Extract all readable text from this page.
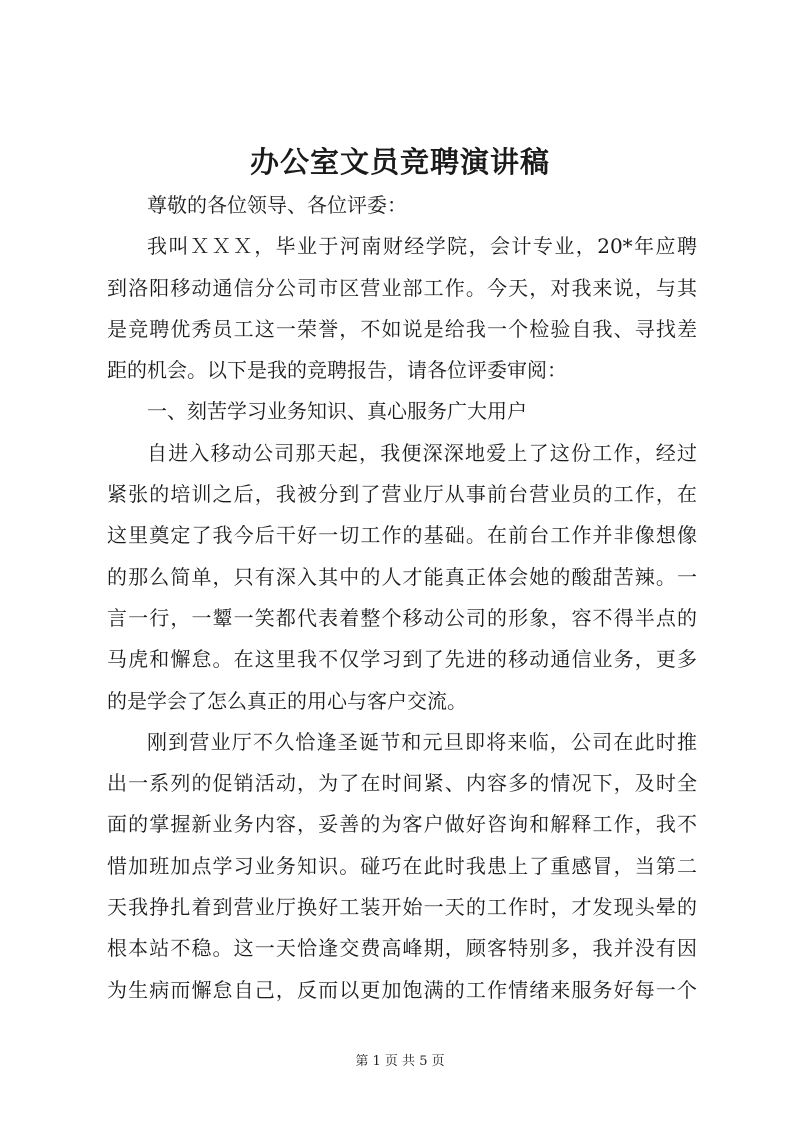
办公室文员竞聘演讲稿
尊敬的各位领导、各位评委：
我叫ＸＸＸ，毕业于河南财经学院，会计专业，20*年应聘
到洛阳移动通信分公司市区营业部工作。今天，对我来说，与其
是竞聘优秀员工这一荣誉，不如说是给我一个检验自我、寻找差
距的机会。以下是我的竞聘报告，请各位评委审阅：
一、刻苦学习业务知识、真心服务广大用户
自进入移动公司那天起，我便深深地爱上了这份工作，经过
紧张的培训之后，我被分到了营业厅从事前台营业员的工作，在
这里奠定了我今后干好一切工作的基础。在前台工作并非像想像
的那么简单，只有深入其中的人才能真正体会她的酸甜苦辣。一
言一行，一颦一笑都代表着整个移动公司的形象，容不得半点的
马虎和懈怠。在这里我不仅学习到了先进的移动通信业务，更多
的是学会了怎么真正的用心与客户交流。
刚到营业厅不久恰逢圣诞节和元旦即将来临，公司在此时推
出一系列的促销活动，为了在时间紧、内容多的情况下，及时全
面的掌握新业务内容，妥善的为客户做好咨询和解释工作，我不
惜加班加点学习业务知识。碰巧在此时我患上了重感冒，当第二
天我挣扎着到营业厅换好工装开始一天的工作时，才发现头晕的
根本站不稳。这一天恰逢交费高峰期，顾客特别多，我并没有因
为生病而懈怠自己，反而以更加饱满的工作情绪来服务好每一个
第 1 页 共 5 页
